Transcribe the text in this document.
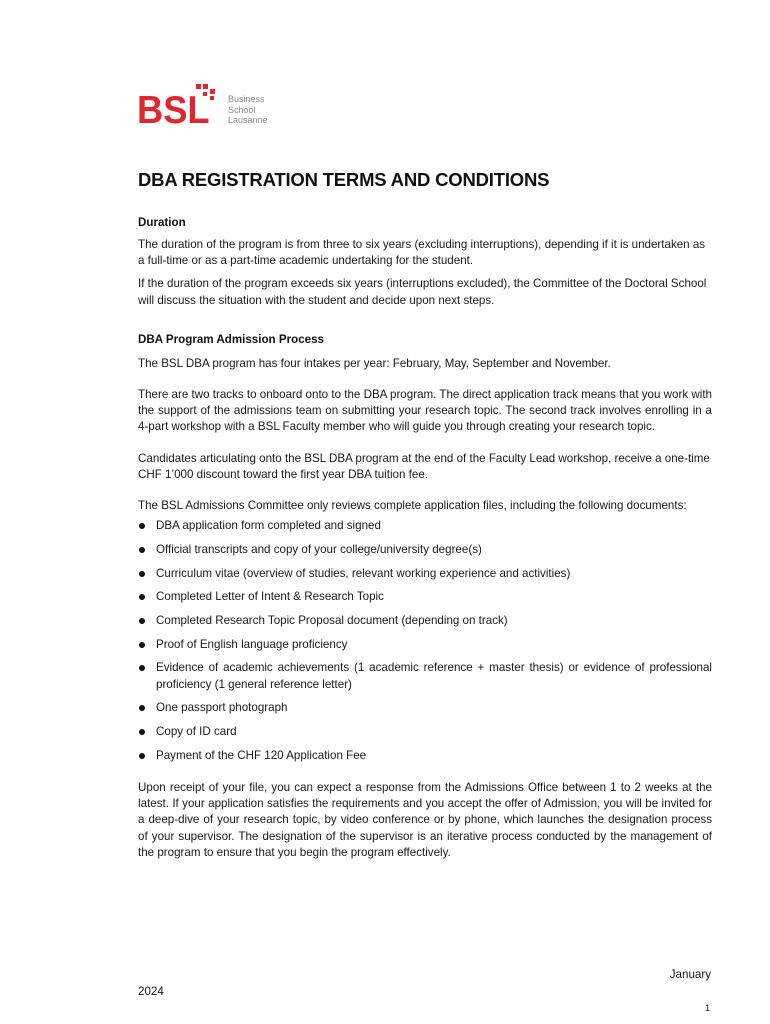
BSL Business
School
Lausanne
DBA REGISTRATION TERMS AND CONDITIONS
Duration

The duration of the program is from three to six years (excluding interruptions), depending if it is undertaken as a full-time or as a part-time academic undertaking for the student.

If the duration of the program exceeds six years (interruptions excluded), the Committee of the Doctoral School will discuss the situation with the student and decide upon next steps.

DBA Program Admission Process

The BSL DBA program has four intakes per year: February, May, September and November.

There are two tracks to onboard onto to the DBA program. The direct application track means that you work with the support of the admissions team on submitting your research topic. The second track involves enrolling in a 4-part workshop with a BSL Faculty member who will guide you through creating your research topic.

Candidates articulating onto the BSL DBA program at the end of the Faculty Lead workshop, receive a one-time CHF 1’000 discount toward the first year DBA tuition fee.

The BSL Admissions Committee only reviews complete application files, including the following documents:

DBA application form completed and signed
Official transcripts and copy of your college/university degree(s)
Curriculum vitae (overview of studies, relevant working experience and activities)
Completed Letter of Intent & Research Topic
Completed Research Topic Proposal document (depending on track)
Proof of English language proficiency
Evidence of academic achievements (1 academic reference + master thesis) or evidence of professional proficiency (1 general reference letter)
One passport photograph
Copy of ID card
Payment of the CHF 120 Application Fee

Upon receipt of your file, you can expect a response from the Admissions Office between 1 to 2 weeks at the latest. If your application satisfies the requirements and you accept the offer of Admission, you will be invited for a deep-dive of your research topic, by video conference or by phone, which launches the designation process of your supervisor. The designation of the supervisor is an iterative process conducted by the management of the program to ensure that you begin the program effectively.

January
2024
1
